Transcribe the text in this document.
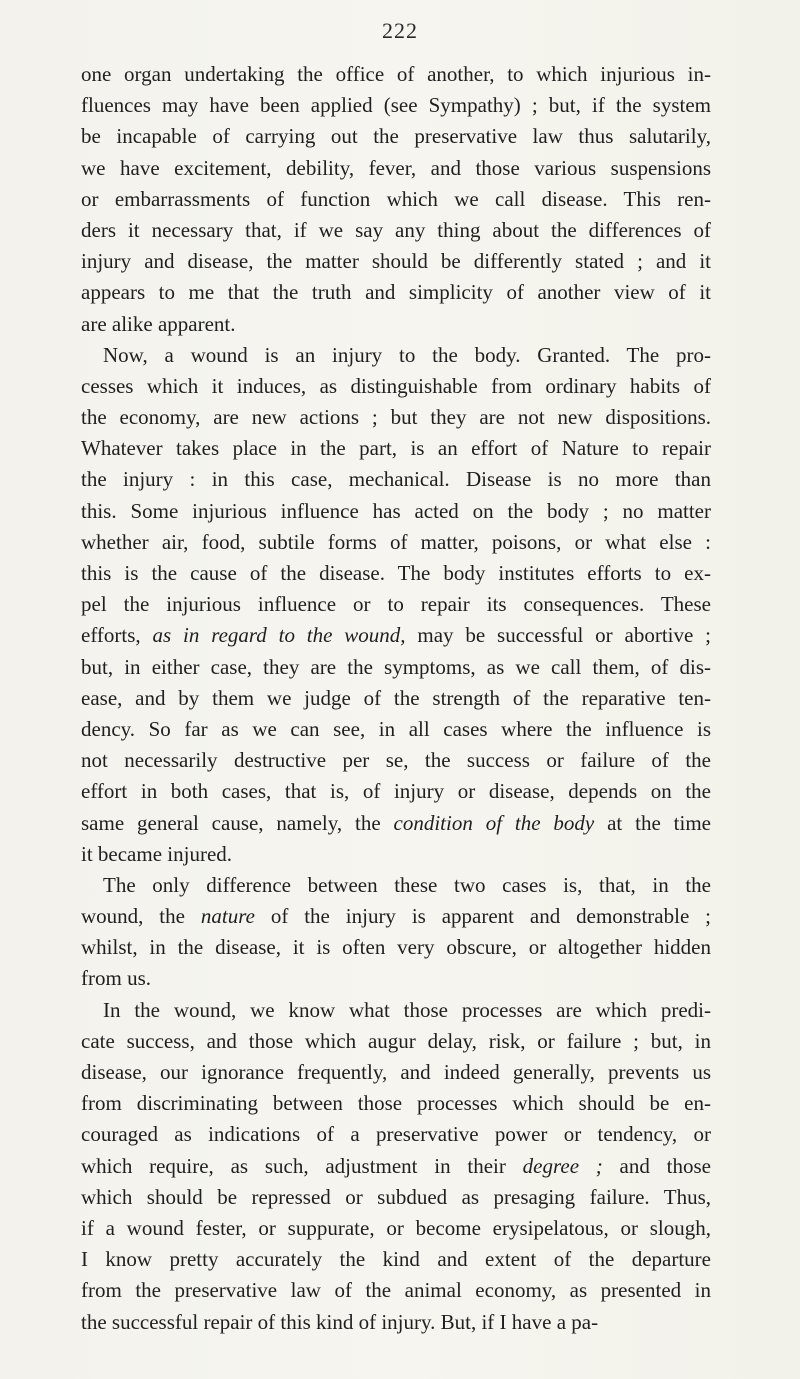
222
one organ undertaking the office of another, to which injurious in-
fluences may have been applied (see Sympathy) ; but, if the system
be incapable of carrying out the preservative law thus salutarily,
we have excitement, debility, fever, and those various suspensions
or embarrassments of function which we call disease. This ren-
ders it necessary that, if we say any thing about the differences of
injury and disease, the matter should be differently stated ; and it
appears to me that the truth and simplicity of another view of it
are alike apparent.
Now, a wound is an injury to the body. Granted. The pro-
cesses which it induces, as distinguishable from ordinary habits of
the economy, are new actions ; but they are not new dispositions.
Whatever takes place in the part, is an effort of Nature to repair
the injury : in this case, mechanical. Disease is no more than
this. Some injurious influence has acted on the body ; no matter
whether air, food, subtile forms of matter, poisons, or what else :
this is the cause of the disease. The body institutes efforts to ex-
pel the injurious influence or to repair its consequences. These
efforts, as in regard to the wound, may be successful or abortive ;
but, in either case, they are the symptoms, as we call them, of dis-
ease, and by them we judge of the strength of the reparative ten-
dency. So far as we can see, in all cases where the influence is
not necessarily destructive per se, the success or failure of the
effort in both cases, that is, of injury or disease, depends on the
same general cause, namely, the condition of the body at the time
it became injured.
The only difference between these two cases is, that, in the
wound, the nature of the injury is apparent and demonstrable ;
whilst, in the disease, it is often very obscure, or altogether hidden
from us.
In the wound, we know what those processes are which predi-
cate success, and those which augur delay, risk, or failure ; but, in
disease, our ignorance frequently, and indeed generally, prevents us
from discriminating between those processes which should be en-
couraged as indications of a preservative power or tendency, or
which require, as such, adjustment in their degree ; and those
which should be repressed or subdued as presaging failure. Thus,
if a wound fester, or suppurate, or become erysipelatous, or slough,
I know pretty accurately the kind and extent of the departure
from the preservative law of the animal economy, as presented in
the successful repair of this kind of injury. But, if I have a pa-
